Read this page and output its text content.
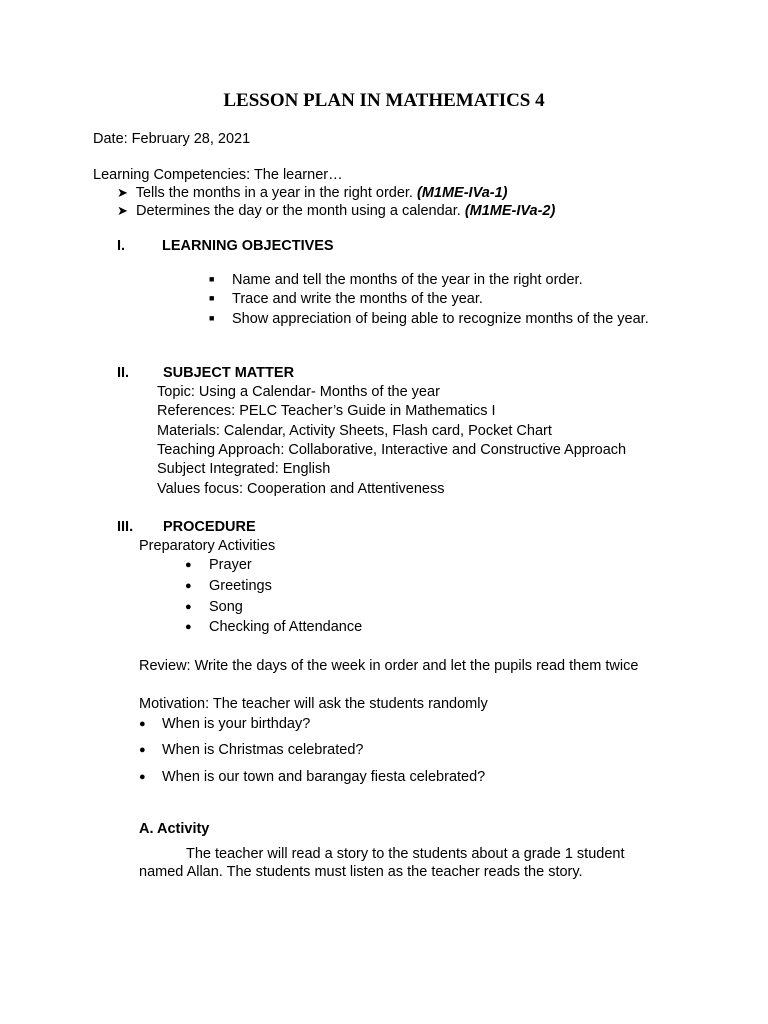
LESSON PLAN IN MATHEMATICS 4
Date: February 28, 2021
Learning Competencies: The learner…
➤ Tells the months in a year in the right order. (M1ME-IVa-1)
➤ Determines the day or the month using a calendar. (M1ME-IVa-2)
I.	LEARNING OBJECTIVES
■ Name and tell the months of the year in the right order.
■ Trace and write the months of the year.
■ Show appreciation of being able to recognize months of the year.
II. SUBJECT MATTER
Topic: Using a Calendar- Months of the year
References: PELC Teacher’s Guide in Mathematics I
Materials: Calendar, Activity Sheets, Flash card, Pocket Chart
Teaching Approach: Collaborative, Interactive and Constructive Approach
Subject Integrated: English
Values focus: Cooperation and Attentiveness
III. PROCEDURE
Preparatory Activities
● Prayer
● Greetings
● Song
● Checking of Attendance
Review: Write the days of the week in order and let the pupils read them twice
Motivation: The teacher will ask the students randomly
● When is your birthday?
● When is Christmas celebrated?
● When is our town and barangay fiesta celebrated?
A. Activity
The teacher will read a story to the students about a grade 1 student
named Allan. The students must listen as the teacher reads the story.
